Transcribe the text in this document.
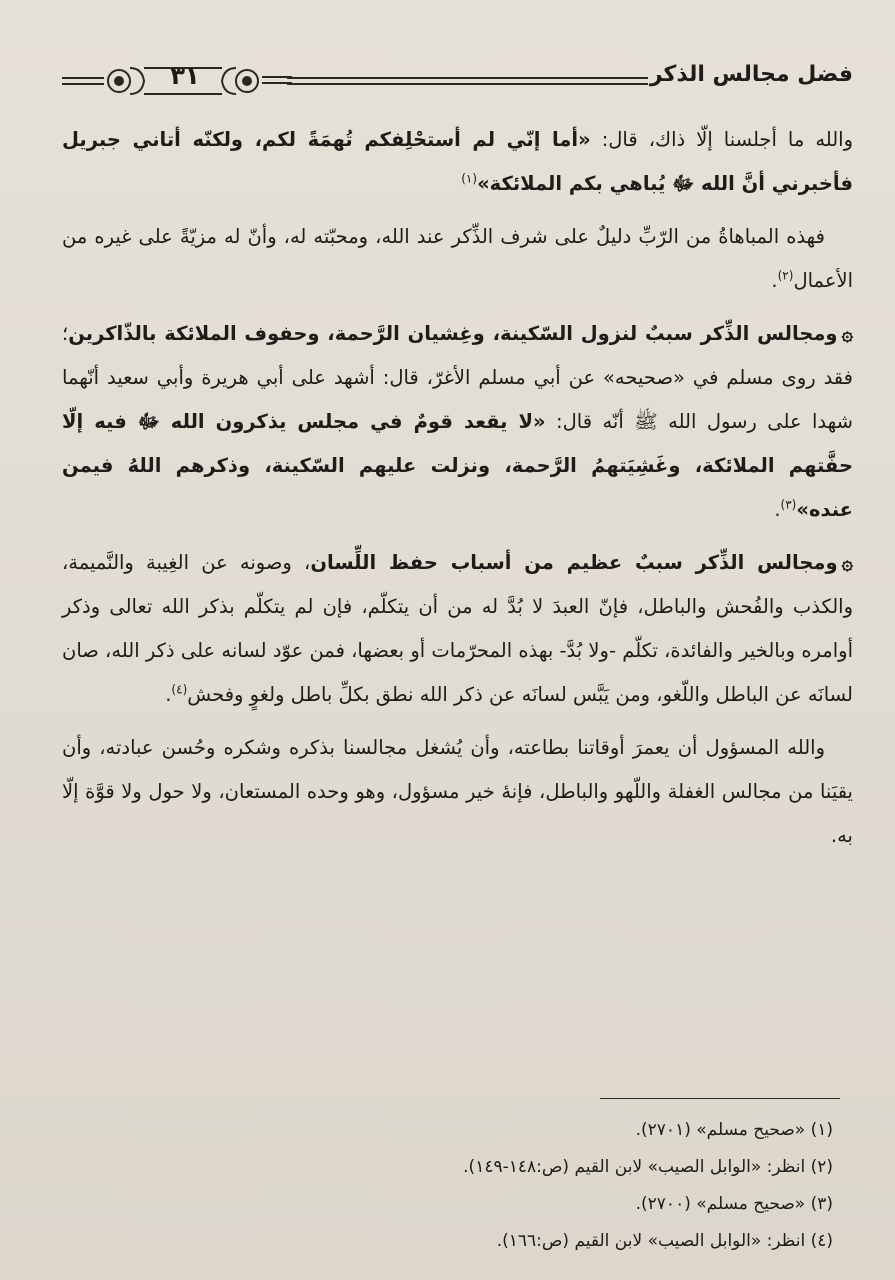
٣١	فضل مجالس الذكر

والله ما أجلسنا إلّا ذاك، قال: «أما إنّي لم أستحْلِفكم تُهمَةً لكم، ولكنّه أتاني جبريل فأخبرني أنَّ الله ﷻ يُباهي بكم الملائكة»$^{(١)}$

فهذه المباهاةُ من الرّبِّ دليلٌ على شرف الذِّكر عند الله، ومحبّته له، وأنّ له مزيّةً على غيره من الأعمال$^{(٢)}$.

۞ومجالس الذِّكر سببٌ لنزول السّكينة، وغِشيان الرَّحمة، وحفوف الملائكة بالذّاكرين؛ فقد روى مسلم في «صحيحه» عن أبي مسلم الأغرّ، قال: أشهد على أبي هريرة وأبي سعيد أنّهما شهدا على رسول الله ﷺ أنّه قال: «لا يقعد قومٌ في مجلس يذكرون الله ﷻ فيه إلّا حفَّتهم الملائكة، وغَشِيَتهمُ الرَّحمة، ونزلت عليهم السّكينة، وذكرهم اللهُ فيمن عنده»$^{(٣)}$.

۞ومجالس الذِّكر سببٌ عظيم من أسباب حفظ اللِّسان، وصونه عن الغِيبة والنَّميمة، والكذب والفُحش والباطل، فإنّ العبدَ لا بُدَّ له من أن يتكلّم، فإن لم يتكلّم بذكر الله تعالى وذكر أوامره وبالخير والفائدة، تكلّم -ولا بُدَّ- بهذه المحرّمات أو بعضها، فمن عوّد لسانه على ذكر الله، صان لسانَه عن الباطل واللّغو، ومن يَبَّس لسانَه عن ذكر الله نطق بكلِّ باطل ولغوٍ وفحش$^{(٤)}$.

والله المسؤول أن يعمرَ أوقاتنا بطاعته، وأن يُشغل مجالسنا بذكره وشكره وحُسن عبادته، وأن يقيَنا من مجالس الغفلة واللّهو والباطل، فإنهٔ خير مسؤول، وهو وحده المستعان، ولا حول ولا قوَّة إلّا به.

(١) «صحيح مسلم» (٢٧٠١).
(٢) انظر: «الوابل الصيب» لابن القيم (ص:١٤٨-١٤٩).
(٣) «صحيح مسلم» (٢٧٠٠).
(٤) انظر: «الوابل الصيب» لابن القيم (ص:١٦٦).
